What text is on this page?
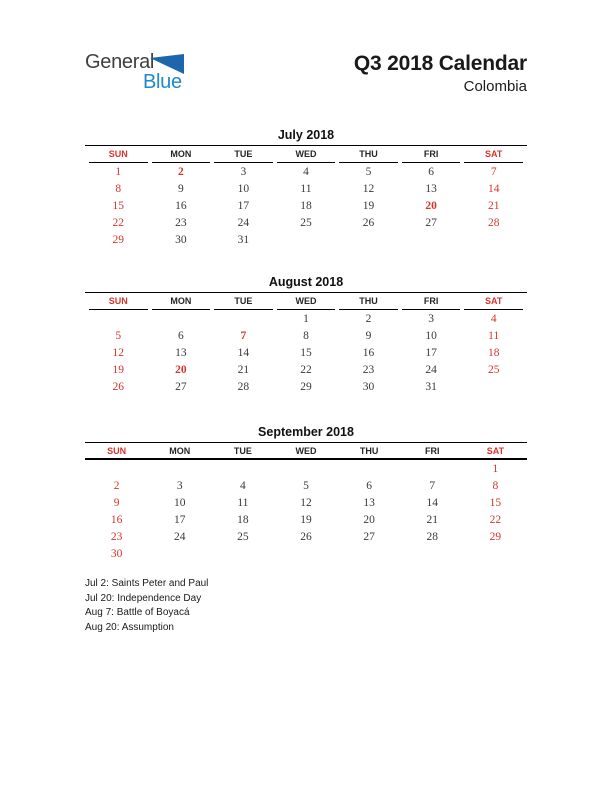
General
Blue
Q3 2018 Calendar
Colombia
July 2018
SUN	MON	TUE	WED	THU	FRI	SAT
1	2	3	4	5	6	7
8	9	10	11	12	13	14
15	16	17	18	19	20	21
22	23	24	25	26	27	28
29	30	31				
August 2018
SUN	MON	TUE	WED	THU	FRI	SAT
			1	2	3	4
5	6	7	8	9	10	11
12	13	14	15	16	17	18
19	20	21	22	23	24	25
26	27	28	29	30	31	
September 2018
SUN	MON	TUE	WED	THU	FRI	SAT
						1
2	3	4	5	6	7	8
9	10	11	12	13	14	15
16	17	18	19	20	21	22
23	24	25	26	27	28	29
30						
Jul 2: Saints Peter and Paul
Jul 20: Independence Day
Aug 7: Battle of Boyacá
Aug 20: Assumption
